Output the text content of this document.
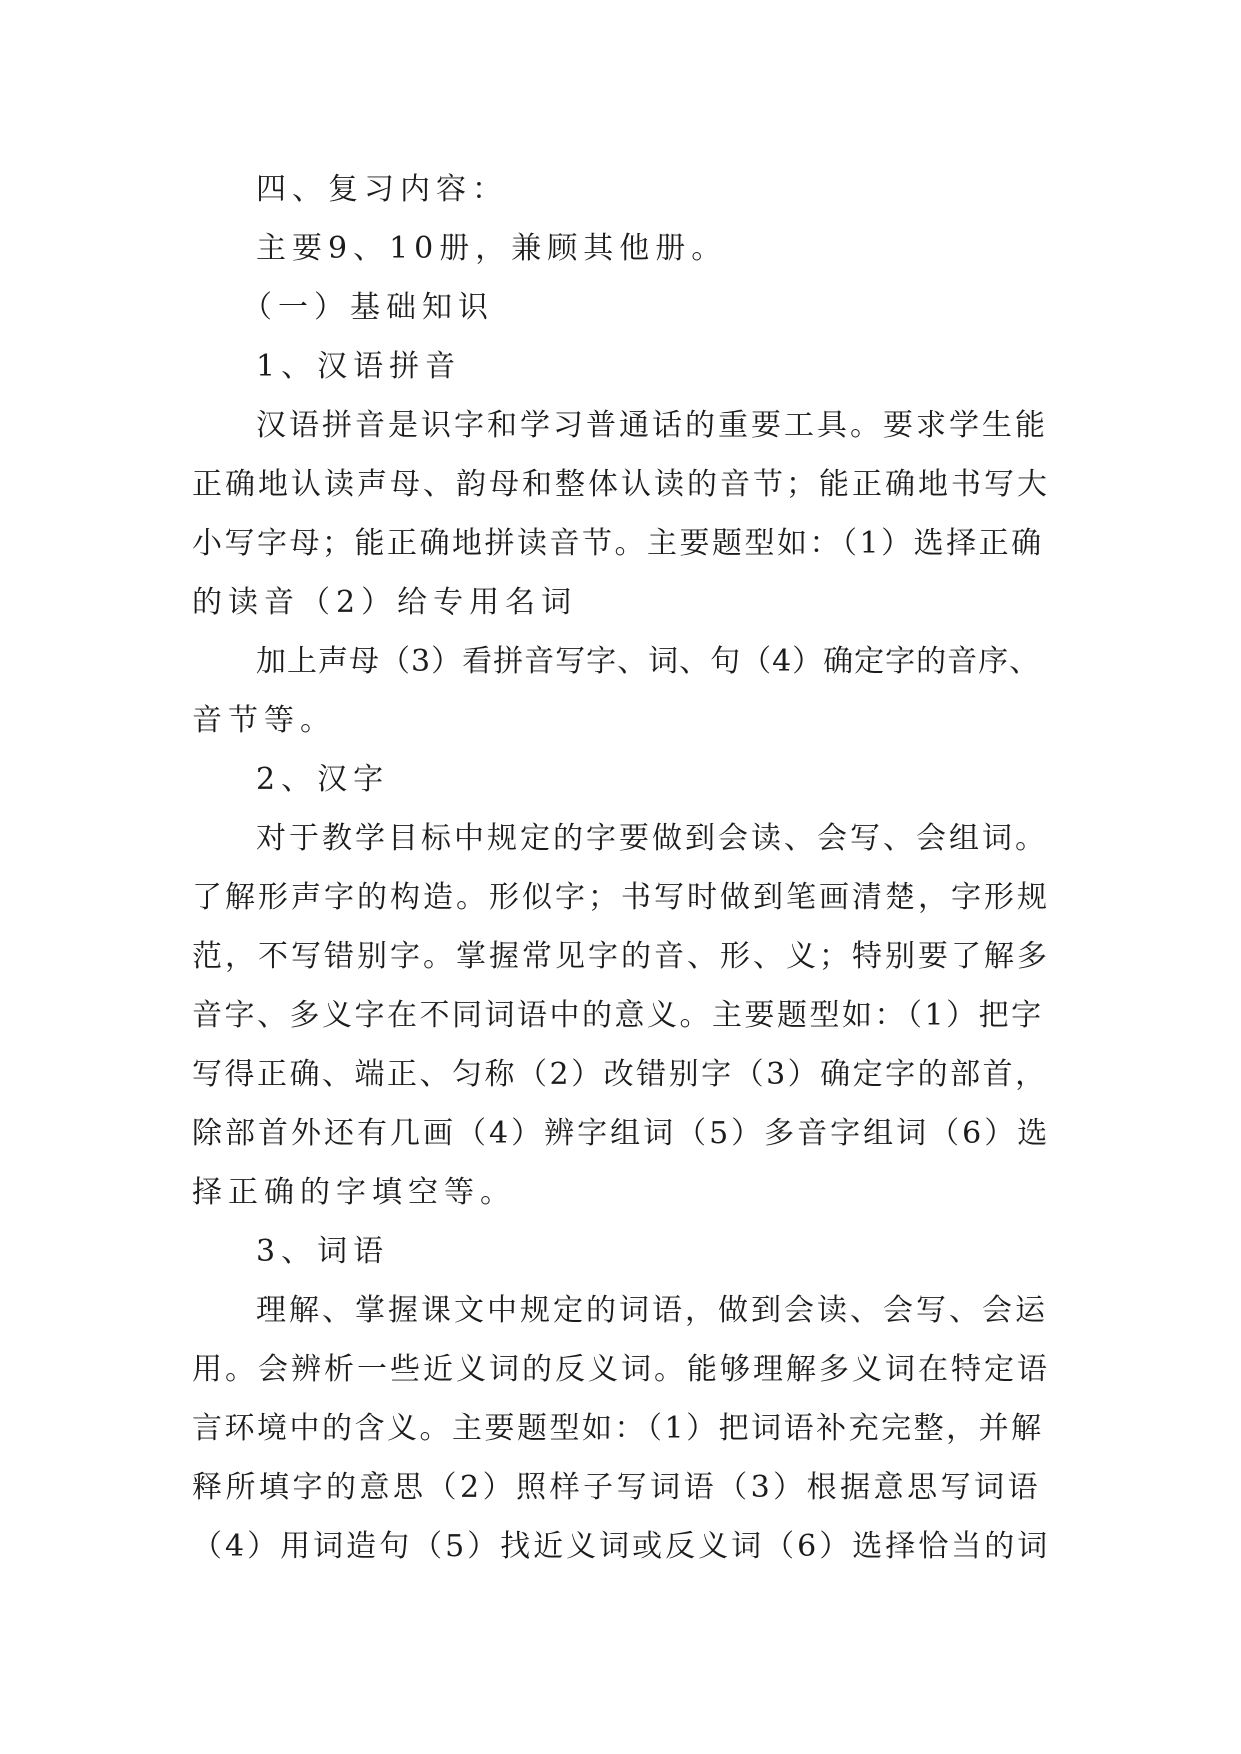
四、复习内容：
主要9、10册，兼顾其他册。
（一）基础知识
1、汉语拼音
汉语拼音是识字和学习普通话的重要工具。要求学生能
正确地认读声母、韵母和整体认读的音节；能正确地书写大
小写字母；能正确地拼读音节。主要题型如：（1）选择正确
的读音（2）给专用名词
加上声母（3）看拼音写字、词、句（4）确定字的音序、
音节等。
2、汉字
对于教学目标中规定的字要做到会读、会写、会组词。
了解形声字的构造。形似字；书写时做到笔画清楚，字形规
范，不写错别字。掌握常见字的音、形、义；特别要了解多
音字、多义字在不同词语中的意义。主要题型如：（1）把字
写得正确、端正、匀称（2）改错别字（3）确定字的部首，
除部首外还有几画（4）辨字组词（5）多音字组词（6）选
择正确的字填空等。
3、词语
理解、掌握课文中规定的词语，做到会读、会写、会运
用。会辨析一些近义词的反义词。能够理解多义词在特定语
言环境中的含义。主要题型如：（1）把词语补充完整，并解
释所填字的意思（2）照样子写词语（3）根据意思写词语
（4）用词造句（5）找近义词或反义词（6）选择恰当的词
